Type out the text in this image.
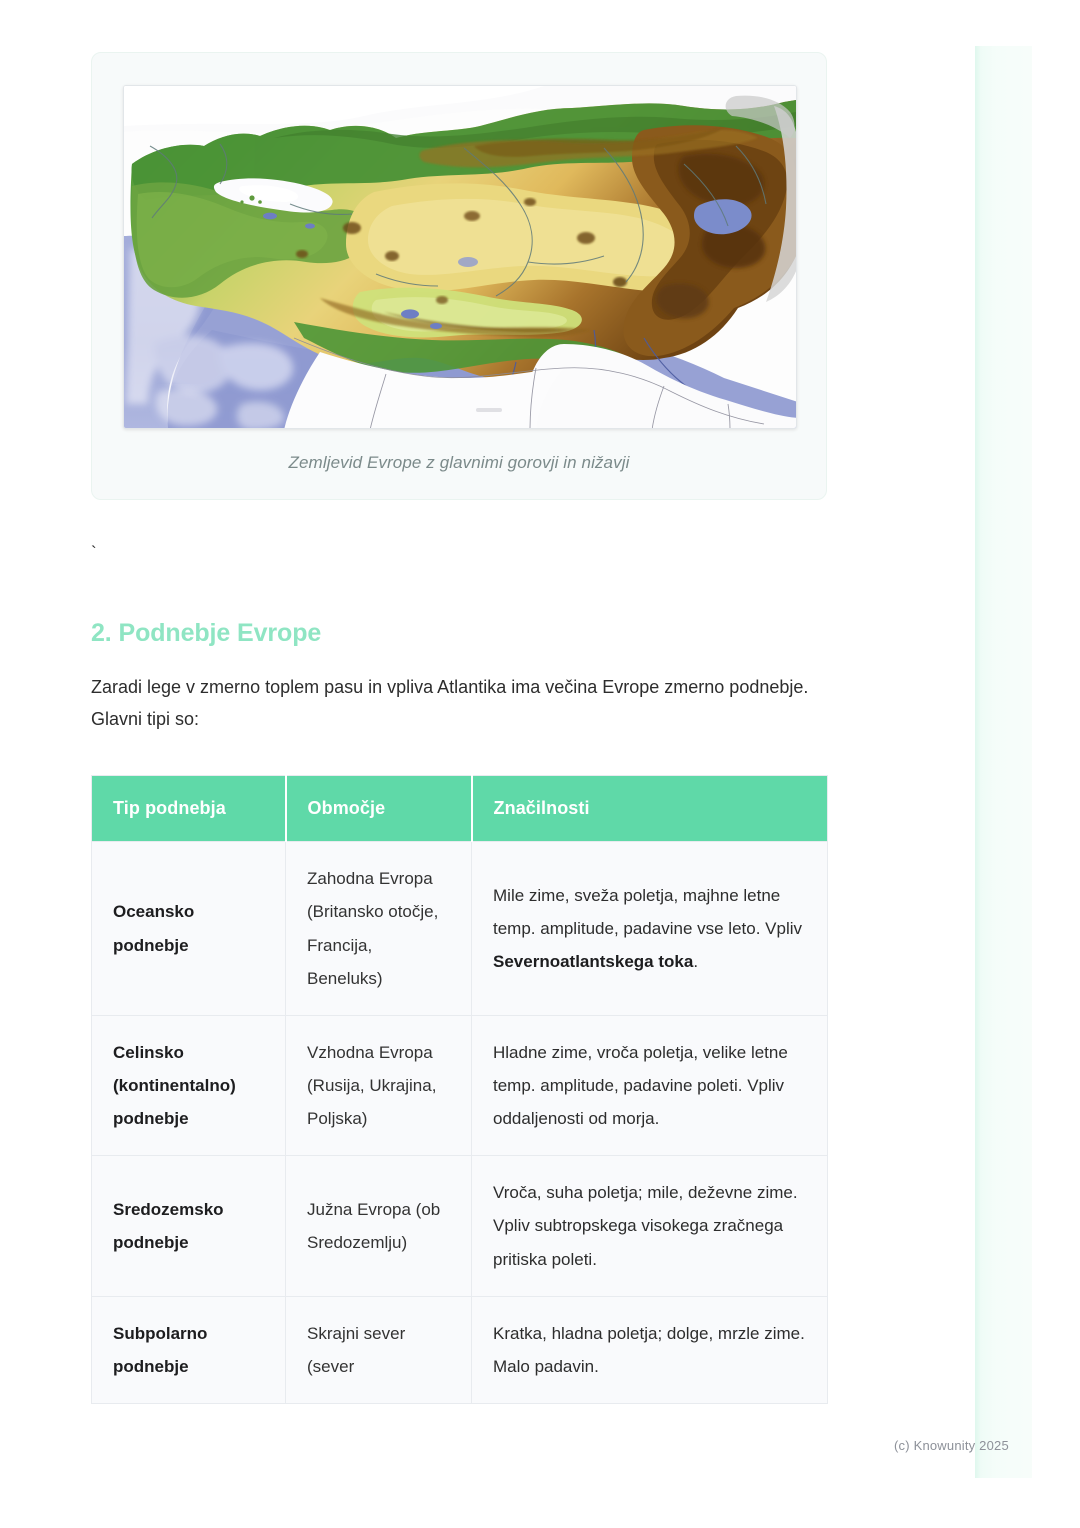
Zemljevid Evrope z glavnimi gorovji in nižavji
`
2. Podnebje Evrope

Zaradi lege v zmerno toplem pasu in vpliva Atlantika ima večina Evrope zmerno podnebje. Glavni tipi so:

Tip podnebja	Območje	Značilnosti
Oceansko podnebje	Zahodna Evropa (Britansko otočje, Francija, Beneluks)	Mile zime, sveža poletja, majhne letne temp. amplitude, padavine vse leto. Vpliv Severnoatlantskega toka.
Celinsko (kontinentalno) podnebje	Vzhodna Evropa (Rusija, Ukrajina, Poljska)	Hladne zime, vroča poletja, velike letne temp. amplitude, padavine poleti. Vpliv oddaljenosti od morja.
Sredozemsko podnebje	Južna Evropa (ob Sredozemlju)	Vroča, suha poletja; mile, deževne zime. Vpliv subtropskega visokega zračnega pritiska poleti.
Subpolarno podnebje	Skrajni sever (sever	Kratka, hladna poletja; dolge, mrzle zime. Malo padavin.
(c) Knowunity 2025
